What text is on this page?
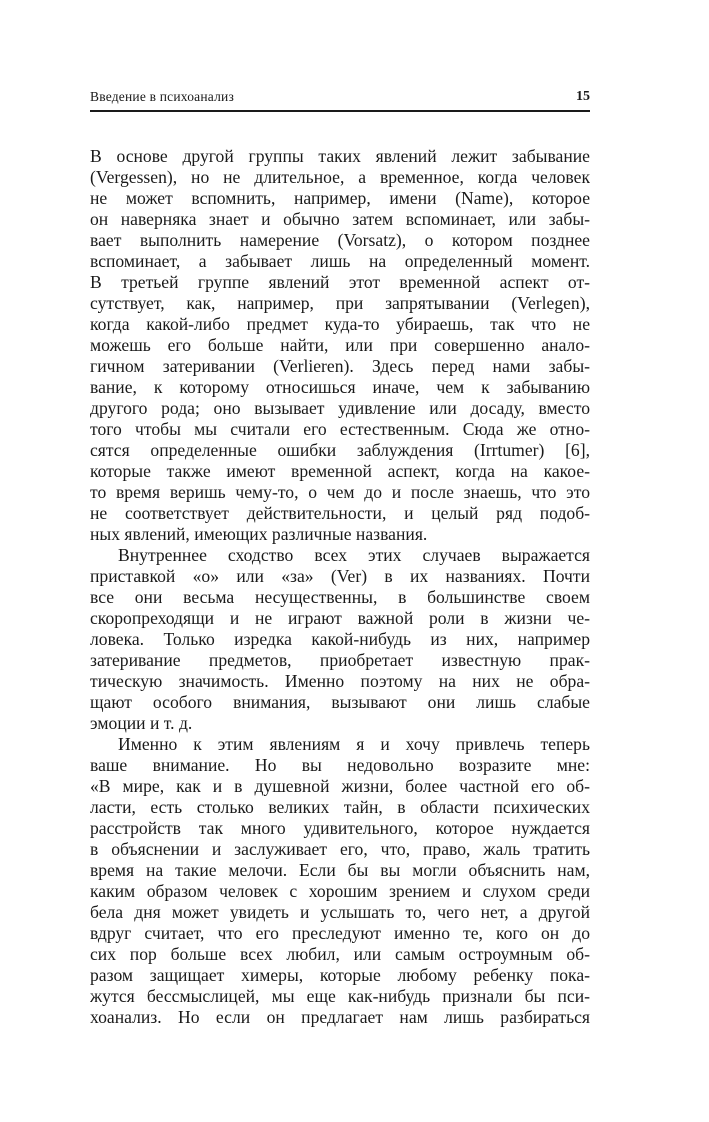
Введение в психоанализ	15
В основе другой группы таких явлений лежит забывание
(Vergessen), но не длительное, а временное, когда человек
не может вспомнить, например, имени (Name), которое
он наверняка знает и обычно затем вспоминает, или забы-
вает выполнить намерение (Vorsatz), о котором позднее
вспоминает, а забывает лишь на определенный момент.
В третьей группе явлений этот временной аспект от-
сутствует, как, например, при запрятывании (Verlegen),
когда какой-либо предмет куда-то убираешь, так что не
можешь его больше найти, или при совершенно анало-
гичном затеривании (Verlieren). Здесь перед нами забы-
вание, к которому относишься иначе, чем к забыванию
другого рода; оно вызывает удивление или досаду, вместо
того чтобы мы считали его естественным. Сюда же отно-
сятся определенные ошибки заблуждения (Irrtumer) [6],
которые также имеют временной аспект, когда на какое-
то время веришь чему-то, о чем до и после знаешь, что это
не соответствует действительности, и целый ряд подоб-
ных явлений, имеющих различные названия.
Внутреннее сходство всех этих случаев выражается
приставкой «о» или «за» (Ver) в их названиях. Почти
все они весьма несущественны, в большинстве своем
скоропреходящи и не играют важной роли в жизни че-
ловека. Только изредка какой-нибудь из них, например
затеривание предметов, приобретает известную прак-
тическую значимость. Именно поэтому на них не обра-
щают особого внимания, вызывают они лишь слабые
эмоции и т. д.
Именно к этим явлениям я и хочу привлечь теперь
ваше внимание. Но вы недовольно возразите мне:
«В мире, как и в душевной жизни, более частной его об-
ласти, есть столько великих тайн, в области психических
расстройств так много удивительного, которое нуждается
в объяснении и заслуживает его, что, право, жаль тратить
время на такие мелочи. Если бы вы могли объяснить нам,
каким образом человек с хорошим зрением и слухом среди
бела дня может увидеть и услышать то, чего нет, а другой
вдруг считает, что его преследуют именно те, кого он до
сих пор больше всех любил, или самым остроумным об-
разом защищает химеры, которые любому ребенку пока-
жутся бессмыслицей, мы еще как-нибудь признали бы пси-
хоанализ. Но если он предлагает нам лишь разбираться
